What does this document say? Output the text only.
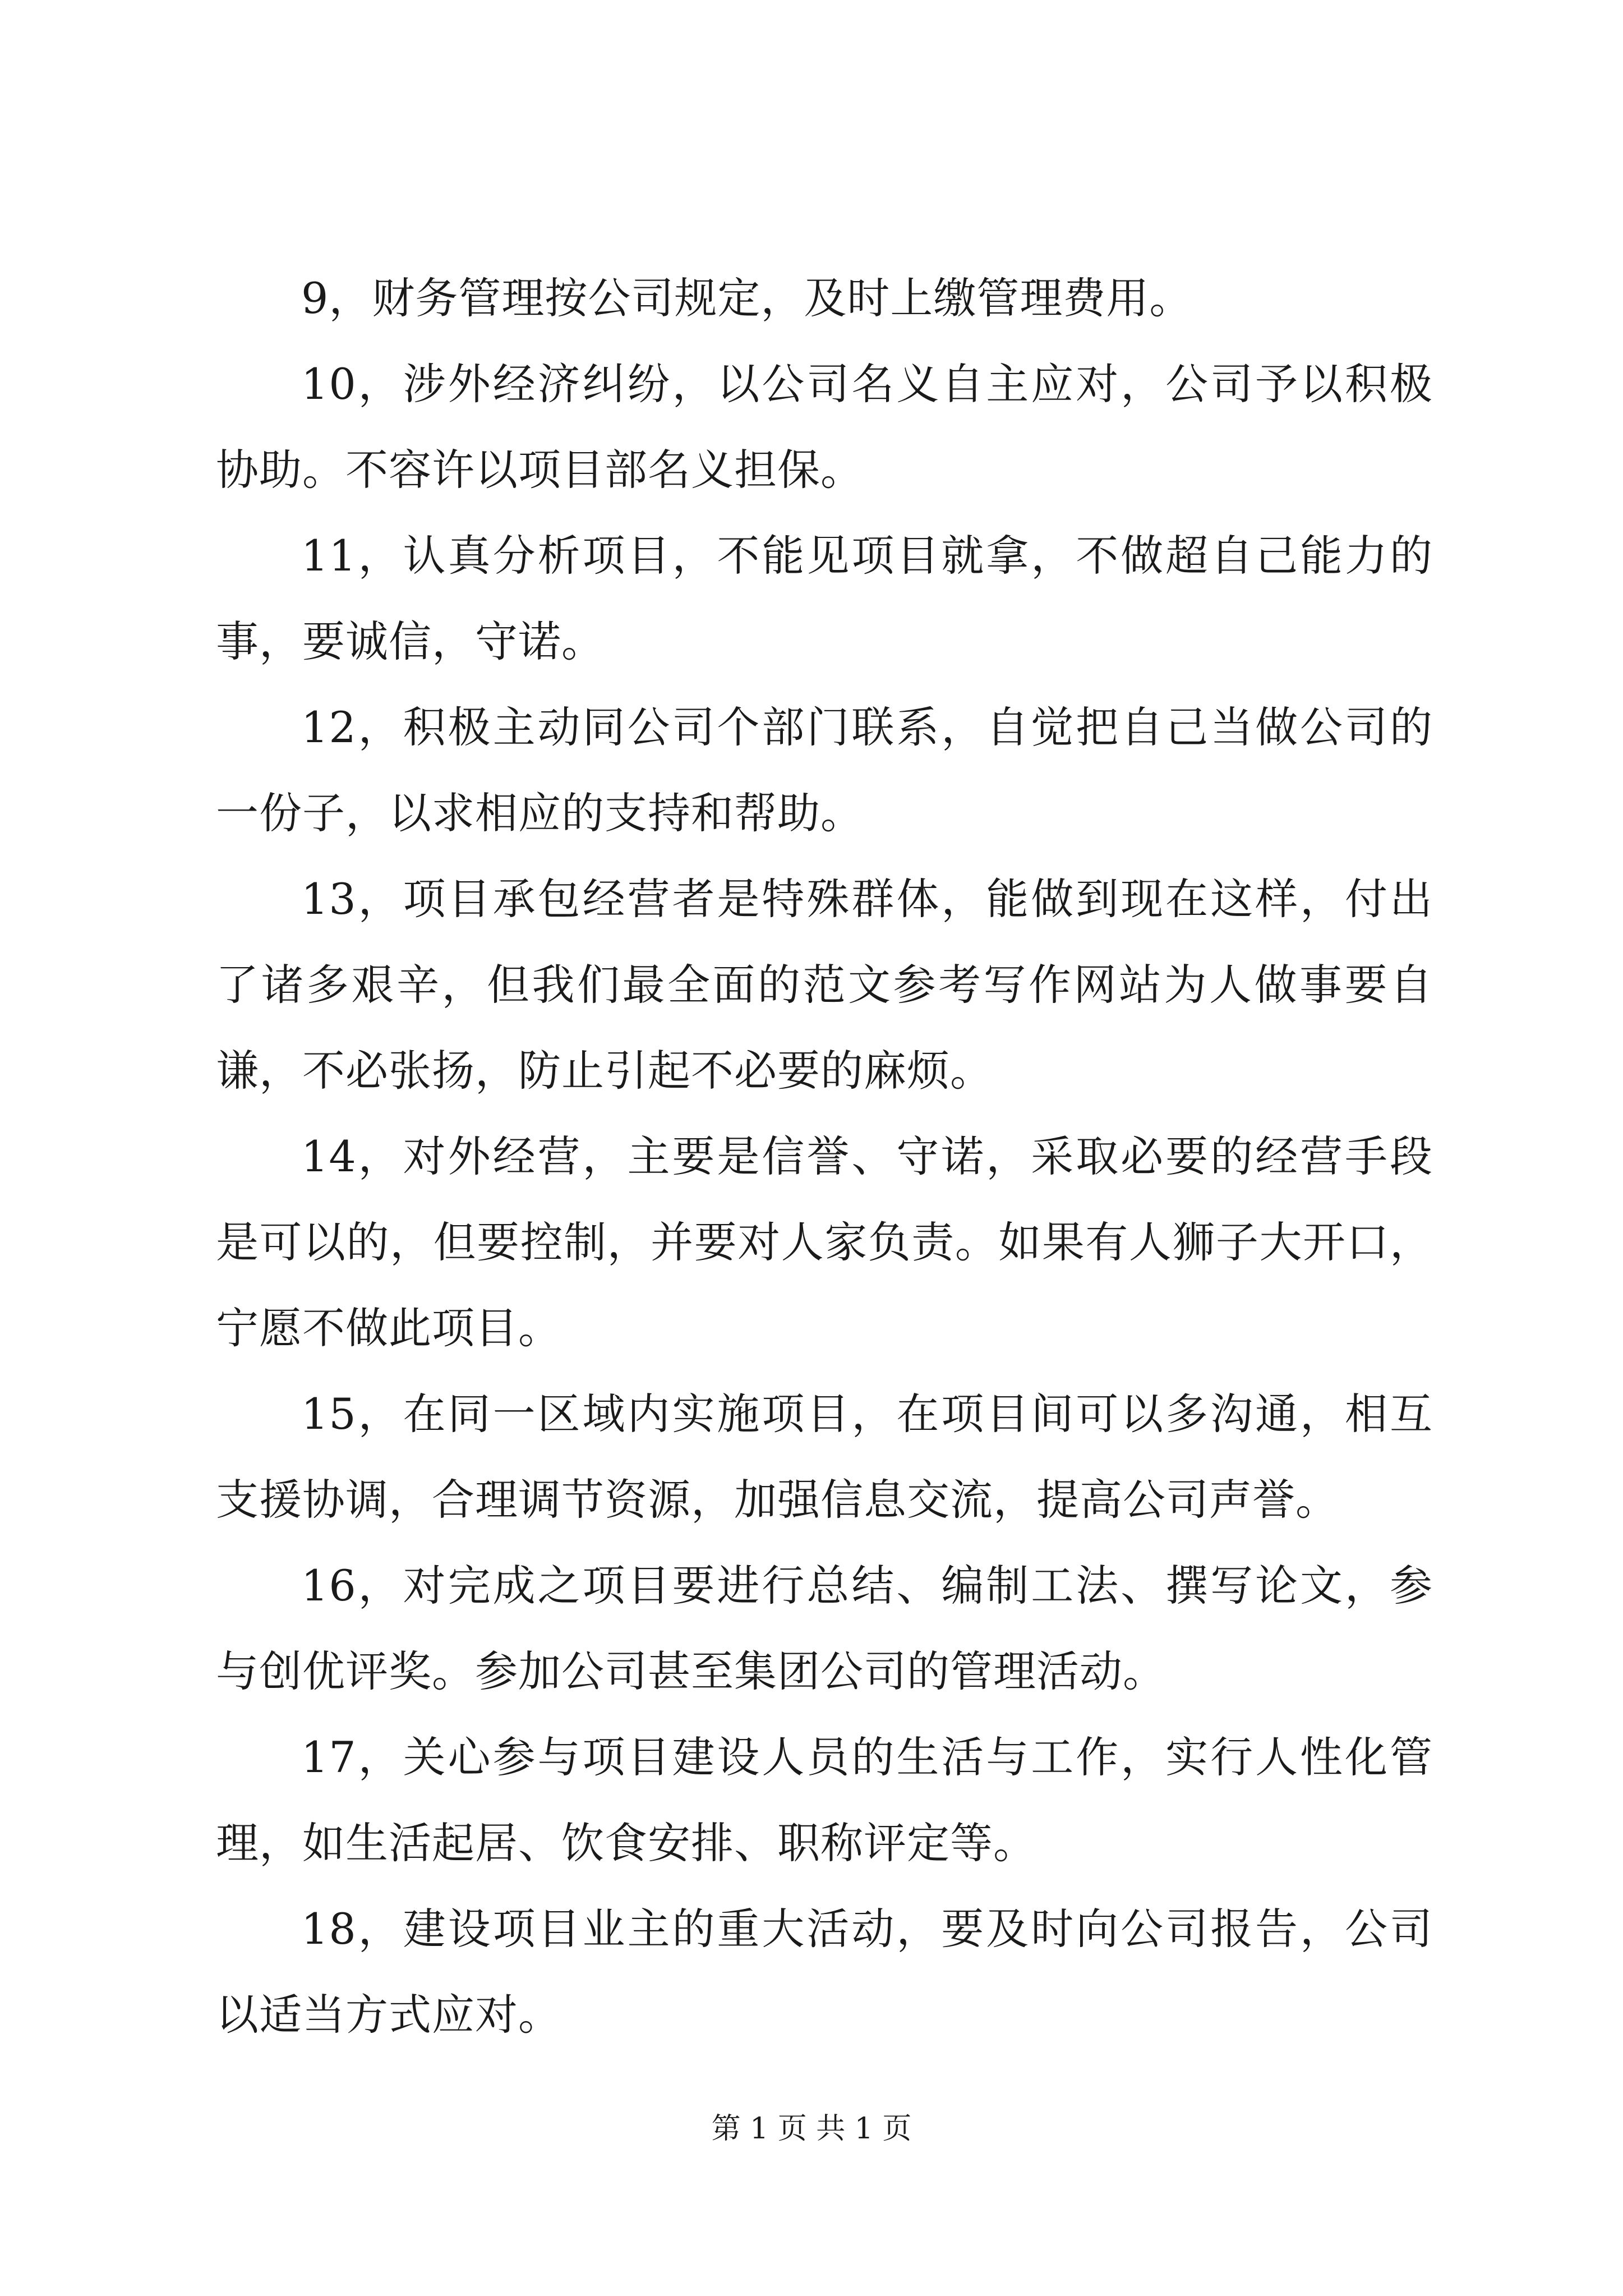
9，财务管理按公司规定，及时上缴管理费用。

10，涉外经济纠纷，以公司名义自主应对，公司予以积极协助。不容许以项目部名义担保。

11，认真分析项目，不能见项目就拿，不做超自己能力的事，要诚信，守诺。

12，积极主动同公司个部门联系，自觉把自己当做公司的一份子，以求相应的支持和帮助。

13，项目承包经营者是特殊群体，能做到现在这样，付出了诸多艰辛，但我们最全面的范文参考写作网站为人做事要自谦，不必张扬，防止引起不必要的麻烦。

14，对外经营，主要是信誉、守诺，采取必要的经营手段是可以的，但要控制，并要对人家负责。如果有人狮子大开口，宁愿不做此项目。

15，在同一区域内实施项目，在项目间可以多沟通，相互支援协调，合理调节资源，加强信息交流，提高公司声誉。

16，对完成之项目要进行总结、编制工法、撰写论文，参与创优评奖。参加公司甚至集团公司的管理活动。

17，关心参与项目建设人员的生活与工作，实行人性化管理，如生活起居、饮食安排、职称评定等。

18，建设项目业主的重大活动，要及时向公司报告，公司以适当方式应对。

第 1 页 共 1 页
